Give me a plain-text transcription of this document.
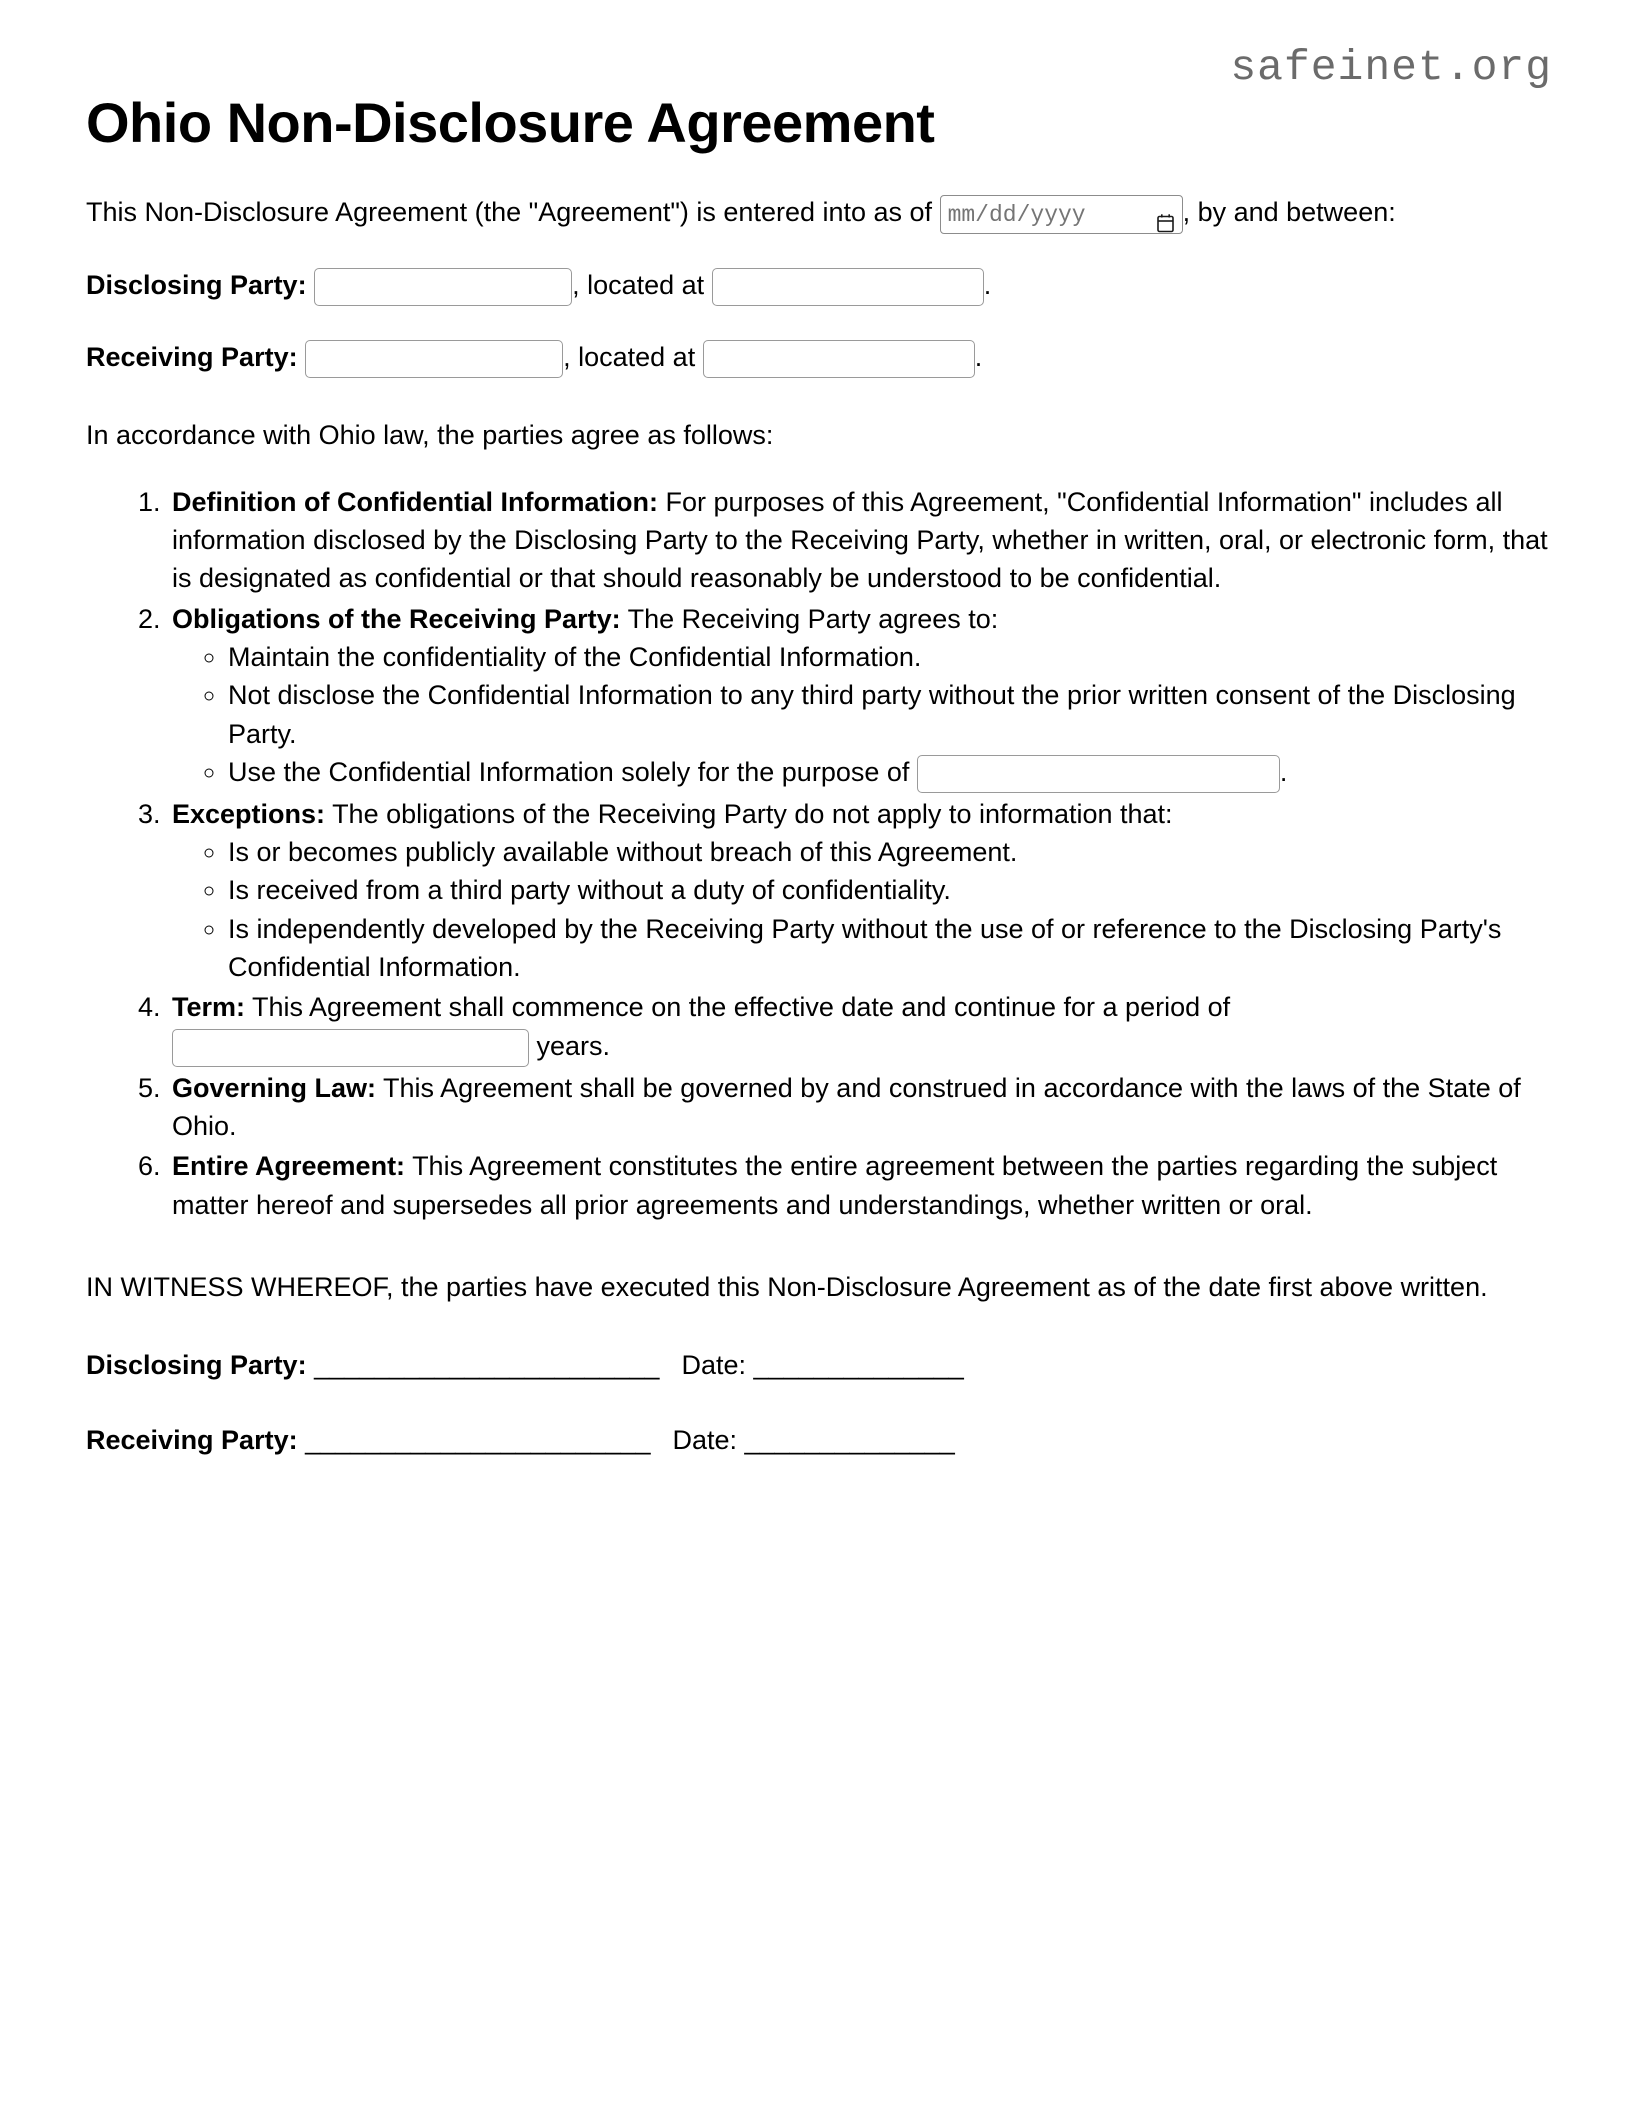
safeinet.org
Ohio Non-Disclosure Agreement

This Non-Disclosure Agreement (the "Agreement") is entered into as of mm/dd/yyyy	, by and between:

Disclosing Party:	, located at	.
Receiving Party:	, located at	.

In accordance with Ohio law, the parties agree as follows:

1. Definition of Confidential Information: For purposes of this Agreement, "Confidential Information" includes all information disclosed by the Disclosing Party to the Receiving Party, whether in written, oral, or electronic form, that is designated as confidential or that should reasonably be understood to be confidential.
2. Obligations of the Receiving Party: The Receiving Party agrees to:
◦ Maintain the confidentiality of the Confidential Information.
◦ Not disclose the Confidential Information to any third party without the prior written consent of the Disclosing Party.
◦ Use the Confidential Information solely for the purpose of	.
3. Exceptions: The obligations of the Receiving Party do not apply to information that:
◦ Is or becomes publicly available without breach of this Agreement.
◦ Is received from a third party without a duty of confidentiality.
◦ Is independently developed by the Receiving Party without the use of or reference to the Disclosing Party's Confidential Information.
4. Term: This Agreement shall commence on the effective date and continue for a period of  years.
5. Governing Law: This Agreement shall be governed by and construed in accordance with the laws of the State of Ohio.
6. Entire Agreement: This Agreement constitutes the entire agreement between the parties regarding the subject matter hereof and supersedes all prior agreements and understandings, whether written or oral.

IN WITNESS WHEREOF, the parties have executed this Non-Disclosure Agreement as of the date first above written.

Disclosing Party: _______________________ Date: ______________
Receiving Party: _______________________ Date: ______________
